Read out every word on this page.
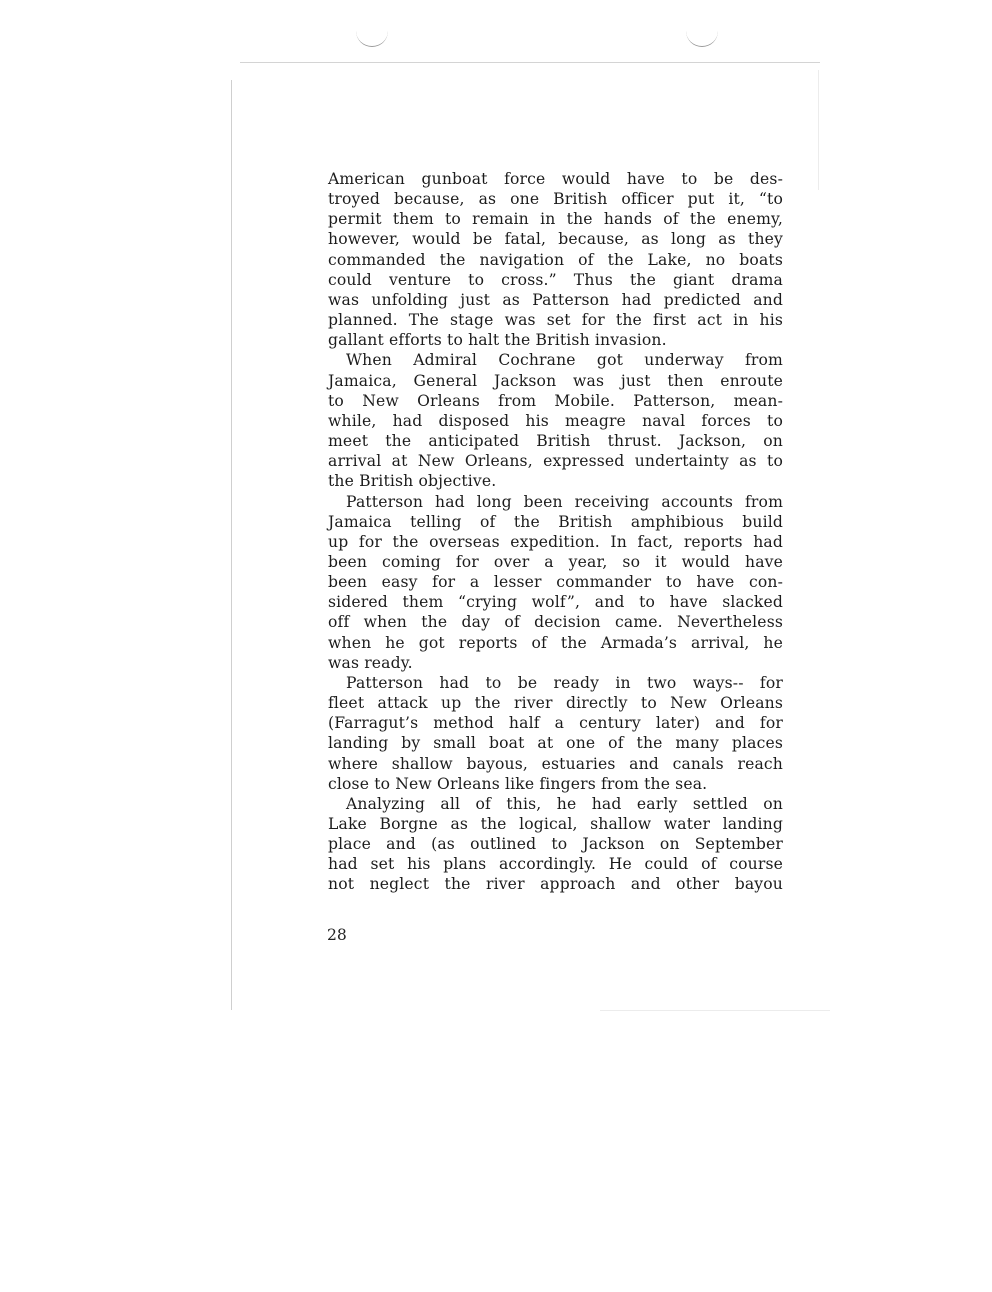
American gunboat force would have to be des-

troyed because, as one British officer put it, “to

permit them to remain in the hands of the enemy,

however, would be fatal, because, as long as they

commanded the navigation of the Lake, no boats

could venture to cross.” Thus the giant drama

was unfolding just as Patterson had predicted and

planned. The stage was set for the first act in his

gallant efforts to halt the British invasion.

When Admiral Cochrane got underway from

Jamaica, General Jackson was just then enroute

to New Orleans from Mobile. Patterson, mean-

while, had disposed his meagre naval forces to

meet the anticipated British thrust. Jackson, on

arrival at New Orleans, expressed undertainty as to

the British objective.

Patterson had long been receiving accounts from

Jamaica telling of the British amphibious build

up for the overseas expedition. In fact, reports had

been coming for over a year, so it would have

been easy for a lesser commander to have con-

sidered them “crying wolf”, and to have slacked

off when the day of decision came. Nevertheless

when he got reports of the Armada’s arrival, he

was ready.

Patterson had to be ready in two ways-- for

fleet attack up the river directly to New Orleans

(Farragut’s method half a century later) and for

landing by small boat at one of the many places

where shallow bayous, estuaries and canals reach

close to New Orleans like fingers from the sea.

Analyzing all of this, he had early settled on

Lake Borgne as the logical, shallow water landing

place and (as outlined to Jackson on September

had set his plans accordingly. He could of course

not neglect the river approach and other bayou

28
